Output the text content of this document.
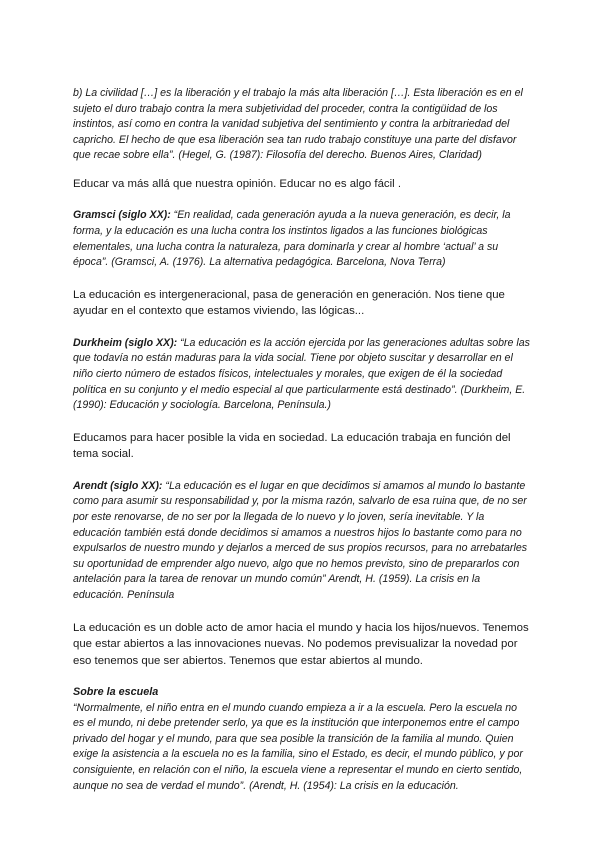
b) La civilidad […] es la liberación y el trabajo la más alta liberación […]. Esta liberación es en el sujeto el duro trabajo contra la mera subjetividad del proceder, contra la contigüidad de los instintos, así como en contra la vanidad subjetiva del sentimiento y contra la arbitrariedad del capricho. El hecho de que esa liberación sea tan rudo trabajo constituye una parte del disfavor que recae sobre ella”. (Hegel, G. (1987): Filosofía del derecho. Buenos Aires, Claridad)

Educar va más allá que nuestra opinión. Educar no es algo fácil .

Gramsci (siglo XX): “En realidad, cada generación ayuda a la nueva generación, es decir, la forma, y la educación es una lucha contra los instintos ligados a las funciones biológicas elementales, una lucha contra la naturaleza, para dominarla y crear al hombre ‘actual’ a su época”. (Gramsci, A. (1976). La alternativa pedagógica. Barcelona, Nova Terra)

La educación es intergeneracional, pasa de generación en generación. Nos tiene que ayudar en el contexto que estamos viviendo, las lógicas...

Durkheim (siglo XX): “La educación es la acción ejercida por las generaciones adultas sobre las que todavía no están maduras para la vida social. Tiene por objeto suscitar y desarrollar en el niño cierto número de estados físicos, intelectuales y morales, que exigen de él la sociedad política en su conjunto y el medio especial al que particularmente está destinado”. (Durkheim, E. (1990): Educación y sociología. Barcelona, Península.)

Educamos para hacer posible la vida en sociedad. La educación trabaja en función del tema social.

Arendt (siglo XX): “La educación es el lugar en que decidimos si amamos al mundo lo bastante como para asumir su responsabilidad y, por la misma razón, salvarlo de esa ruina que, de no ser por este renovarse, de no ser por la llegada de lo nuevo y lo joven, sería inevitable. Y la educación también está donde decidimos si amamos a nuestros hijos lo bastante como para no expulsarlos de nuestro mundo y dejarlos a merced de sus propios recursos, para no arrebatarles su oportunidad de emprender algo nuevo, algo que no hemos previsto, sino de prepararlos con antelación para la tarea de renovar un mundo común” Arendt, H. (1959). La crisis en la educación. Península

La educación es un doble acto de amor hacia el mundo y hacia los hijos/nuevos. Tenemos que estar abiertos a las innovaciones nuevas. No podemos previsualizar la novedad por eso tenemos que ser abiertos. Tenemos que estar abiertos al mundo.

Sobre la escuela

“Normalmente, el niño entra en el mundo cuando empieza a ir a la escuela. Pero la escuela no es el mundo, ni debe pretender serlo, ya que es la institución que interponemos entre el campo privado del hogar y el mundo, para que sea posible la transición de la familia al mundo. Quien exige la asistencia a la escuela no es la familia, sino el Estado, es decir, el mundo público, y por consiguiente, en relación con el niño, la escuela viene a representar el mundo en cierto sentido, aunque no sea de verdad el mundo”. (Arendt, H. (1954): La crisis en la educación.
